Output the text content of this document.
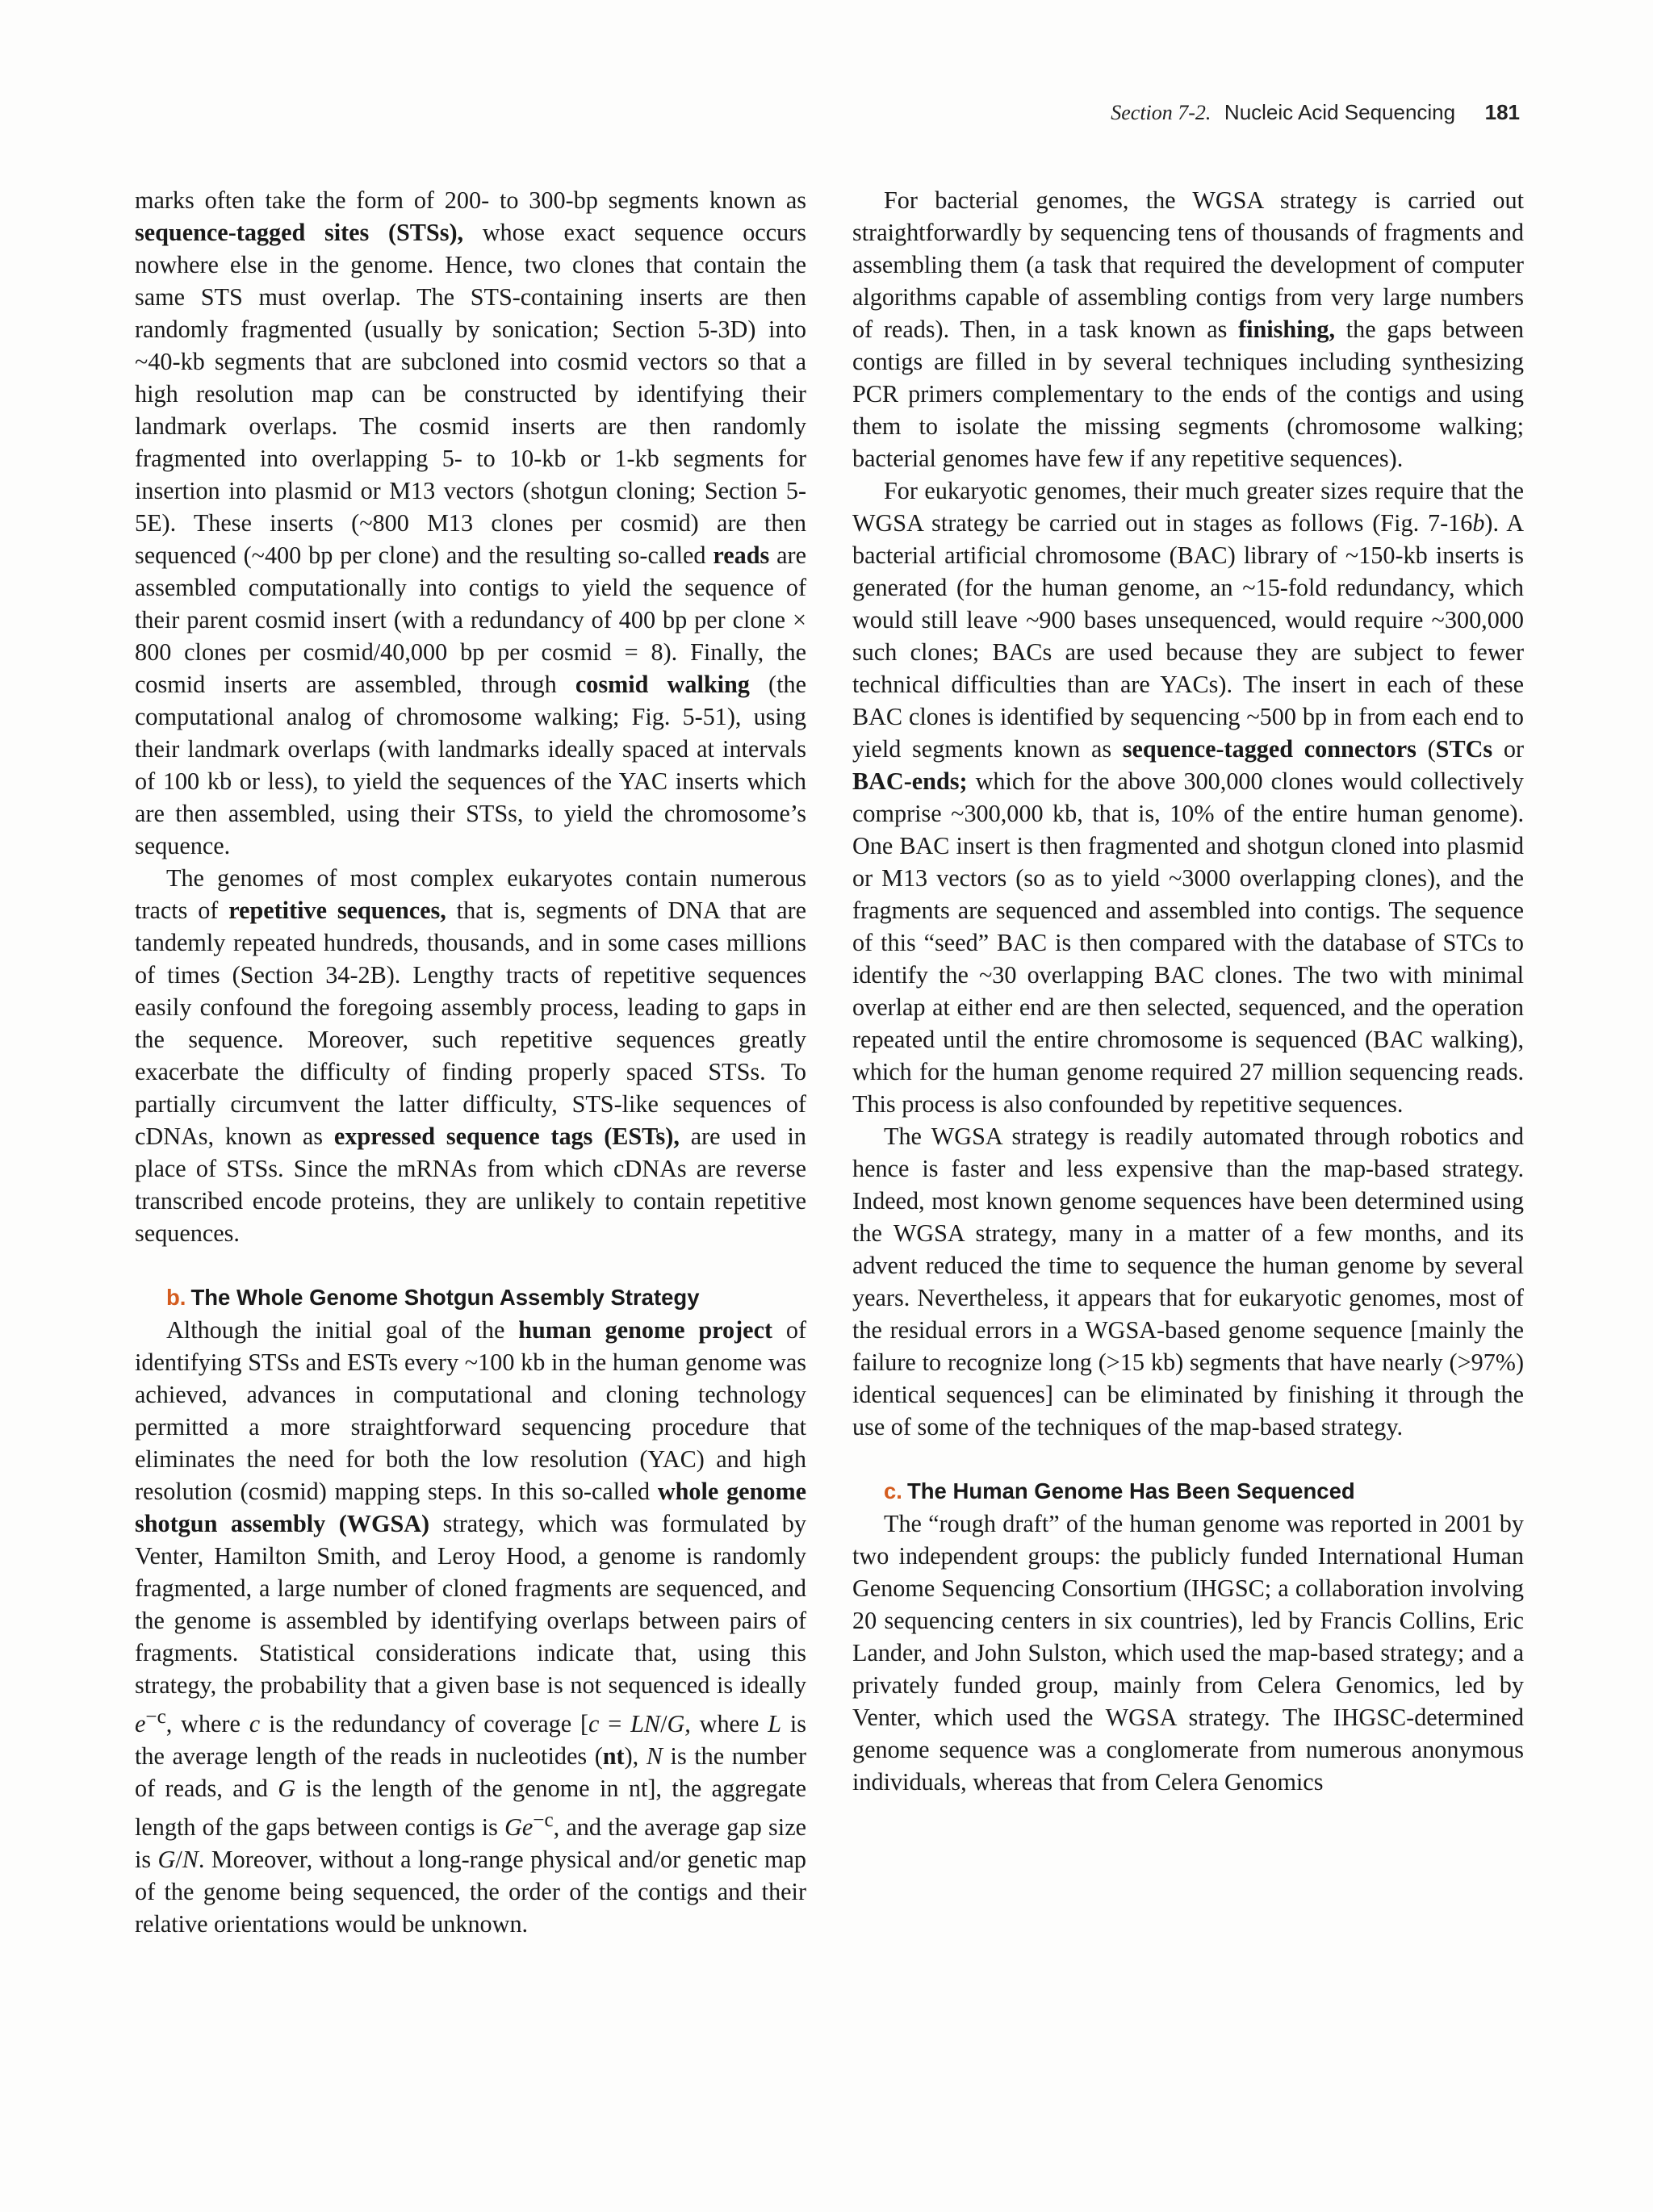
Section 7-2. Nucleic Acid Sequencing 181

marks often take the form of 200- to 300-bp segments known as sequence-tagged sites (STSs), whose exact sequence occurs nowhere else in the genome. Hence, two clones that contain the same STS must overlap. The STS-containing inserts are then randomly fragmented (usually by sonication; Section 5-3D) into ~40-kb segments that are subcloned into cosmid vectors so that a high resolution map can be constructed by identifying their landmark overlaps. The cosmid inserts are then randomly fragmented into overlapping 5- to 10-kb or 1-kb segments for insertion into plasmid or M13 vectors (shotgun cloning; Section 5-5E). These inserts (~800 M13 clones per cosmid) are then sequenced (~400 bp per clone) and the resulting so-called reads are assembled computationally into contigs to yield the sequence of their parent cosmid insert (with a redundancy of 400 bp per clone × 800 clones per cosmid/40,000 bp per cosmid = 8). Finally, the cosmid inserts are assembled, through cosmid walking (the computational analog of chromosome walking; Fig. 5-51), using their landmark overlaps (with landmarks ideally spaced at intervals of 100 kb or less), to yield the sequences of the YAC inserts which are then assembled, using their STSs, to yield the chromosome’s sequence.

The genomes of most complex eukaryotes contain numerous tracts of repetitive sequences, that is, segments of DNA that are tandemly repeated hundreds, thousands, and in some cases millions of times (Section 34-2B). Lengthy tracts of repetitive sequences easily confound the foregoing assembly process, leading to gaps in the sequence. Moreover, such repetitive sequences greatly exacerbate the difficulty of finding properly spaced STSs. To partially circumvent the latter difficulty, STS-like sequences of cDNAs, known as expressed sequence tags (ESTs), are used in place of STSs. Since the mRNAs from which cDNAs are reverse transcribed encode proteins, they are unlikely to contain repetitive sequences.

b. The Whole Genome Shotgun Assembly Strategy

Although the initial goal of the human genome project of identifying STSs and ESTs every ~100 kb in the human genome was achieved, advances in computational and cloning technology permitted a more straightforward sequencing procedure that eliminates the need for both the low resolution (YAC) and high resolution (cosmid) mapping steps. In this so-called whole genome shotgun assembly (WGSA) strategy, which was formulated by Venter, Hamilton Smith, and Leroy Hood, a genome is randomly fragmented, a large number of cloned fragments are sequenced, and the genome is assembled by identifying overlaps between pairs of fragments. Statistical considerations indicate that, using this strategy, the probability that a given base is not sequenced is ideally $e^{-c}$, where c is the redundancy of coverage [c = LN/G, where L is the average length of the reads in nucleotides (nt), N is the number of reads, and G is the length of the genome in nt], the aggregate length of the gaps between contigs is $Ge^{-c}$, and the average gap size is G/N. Moreover, without a long-range physical and/or genetic map of the genome being sequenced, the order of the contigs and their relative orientations would be unknown.

For bacterial genomes, the WGSA strategy is carried out straightforwardly by sequencing tens of thousands of fragments and assembling them (a task that required the development of computer algorithms capable of assembling contigs from very large numbers of reads). Then, in a task known as finishing, the gaps between contigs are filled in by several techniques including synthesizing PCR primers complementary to the ends of the contigs and using them to isolate the missing segments (chromosome walking; bacterial genomes have few if any repetitive sequences).

For eukaryotic genomes, their much greater sizes require that the WGSA strategy be carried out in stages as follows (Fig. 7-16b). A bacterial artificial chromosome (BAC) library of ~150-kb inserts is generated (for the human genome, an ~15-fold redundancy, which would still leave ~900 bases unsequenced, would require ~300,000 such clones; BACs are used because they are subject to fewer technical difficulties than are YACs). The insert in each of these BAC clones is identified by sequencing ~500 bp in from each end to yield segments known as sequence-tagged connectors (STCs or BAC-ends; which for the above 300,000 clones would collectively comprise ~300,000 kb, that is, 10% of the entire human genome). One BAC insert is then fragmented and shotgun cloned into plasmid or M13 vectors (so as to yield ~3000 overlapping clones), and the fragments are sequenced and assembled into contigs. The sequence of this “seed” BAC is then compared with the database of STCs to identify the ~30 overlapping BAC clones. The two with minimal overlap at either end are then selected, sequenced, and the operation repeated until the entire chromosome is sequenced (BAC walking), which for the human genome required 27 million sequencing reads. This process is also confounded by repetitive sequences.

The WGSA strategy is readily automated through robotics and hence is faster and less expensive than the map-based strategy. Indeed, most known genome sequences have been determined using the WGSA strategy, many in a matter of a few months, and its advent reduced the time to sequence the human genome by several years. Nevertheless, it appears that for eukaryotic genomes, most of the residual errors in a WGSA-based genome sequence [mainly the failure to recognize long (>15 kb) segments that have nearly (>97%) identical sequences] can be eliminated by finishing it through the use of some of the techniques of the map-based strategy.

c. The Human Genome Has Been Sequenced

The “rough draft” of the human genome was reported in 2001 by two independent groups: the publicly funded International Human Genome Sequencing Consortium (IHGSC; a collaboration involving 20 sequencing centers in six countries), led by Francis Collins, Eric Lander, and John Sulston, which used the map-based strategy; and a privately funded group, mainly from Celera Genomics, led by Venter, which used the WGSA strategy. The IHGSC-determined genome sequence was a conglomerate from numerous anonymous individuals, whereas that from Celera Genomics
